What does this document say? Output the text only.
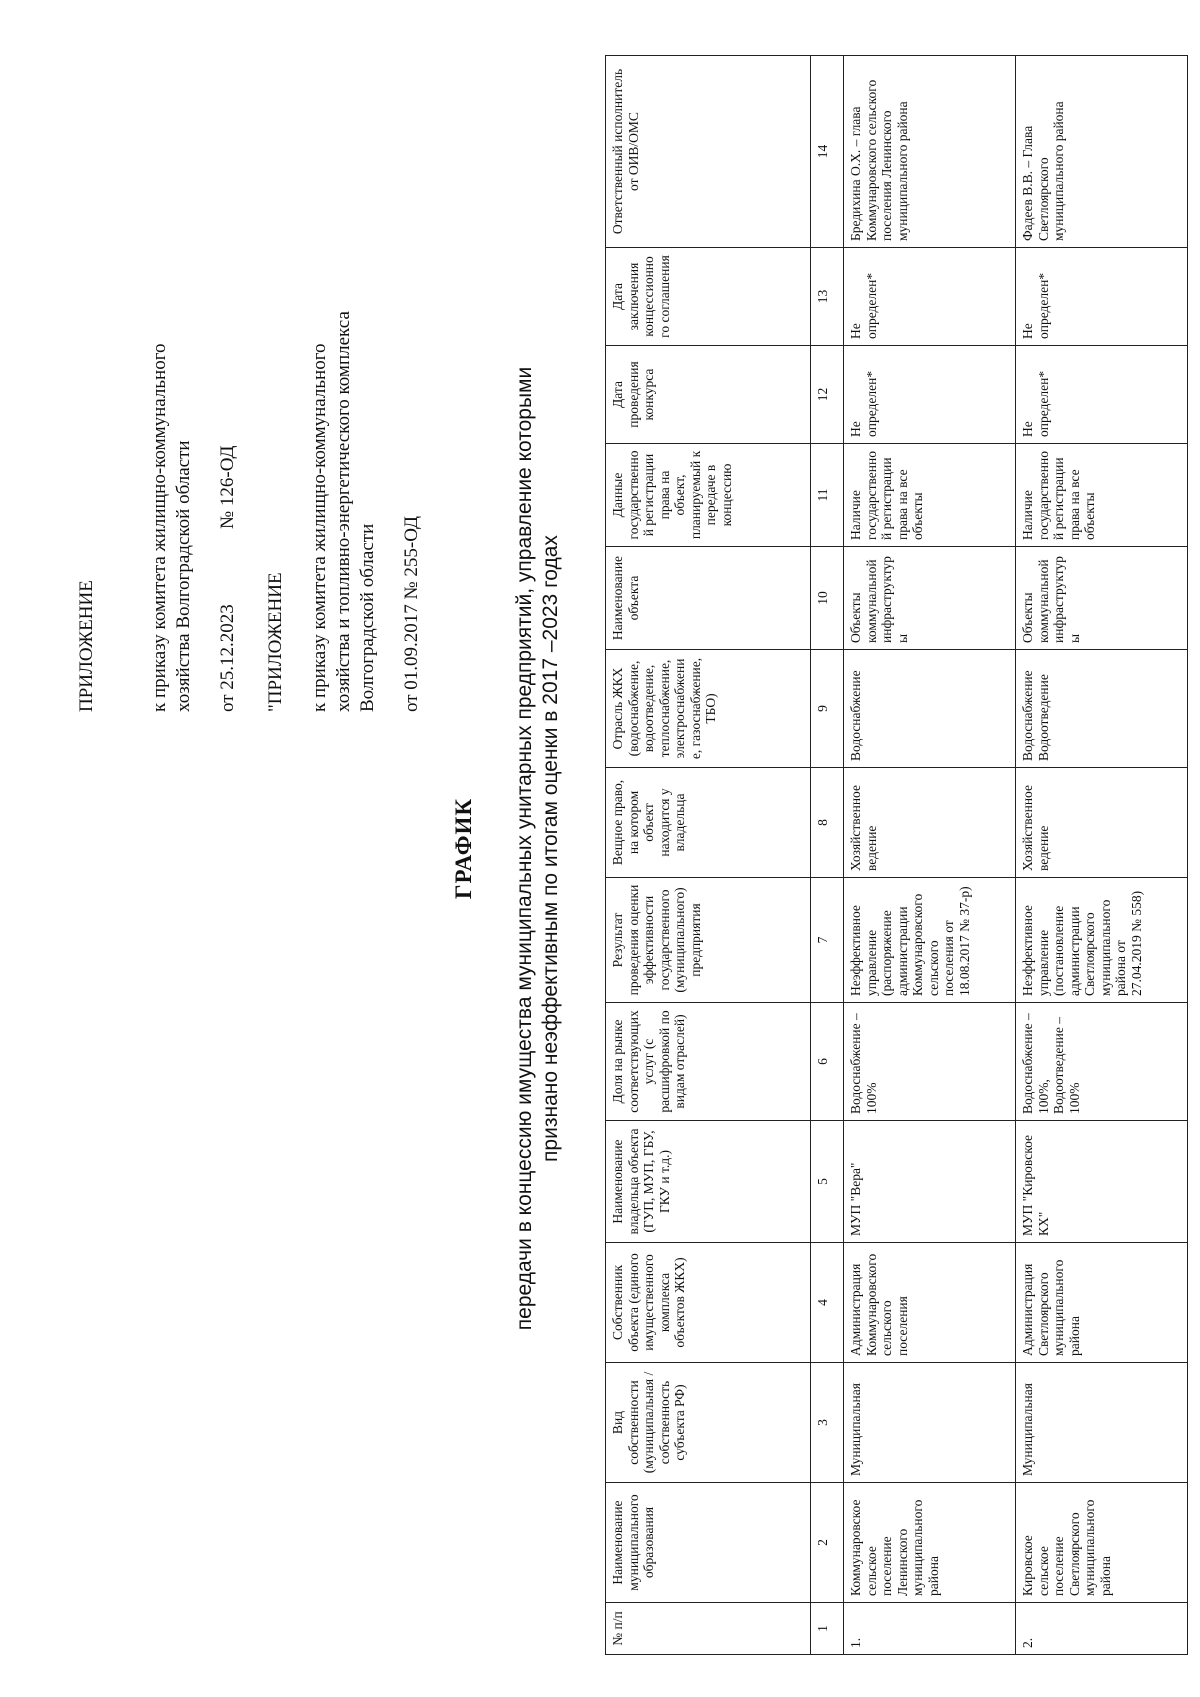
ПРИЛОЖЕНИЕ	к приказу комитета жилищно-коммунального хозяйства Волгоградской области от 25.12.2023
№ 126-ОД
"ПРИЛОЖЕНИЕ к приказу комитета жилищно-коммунального хозяйства и топливно-энергетического комплекса Волгоградской области от 01.09.2017 № 255-ОД
ГРАФИК передачи в концессию имущества муниципальных унитарных предприятий, управление которыми признано неэффективным по итогам оценки в 2017 –2023 годах
№ п/п	Наименование муниципального образования	Вид собственности (муниципальная /собственность субъекта РФ)	Собственник объекта (единого имущественного комплекса объектов ЖКХ)	Наименование владельца объекта (ГУП, МУП, ГБУ, ГКУ и т.д.)	Доля на рынке соответствующих услуг (с расшифровкой по видам отраслей)	Результат проведения оценки эффективности государственного (муниципального) предприятия	Вещное право, на котором объект находится у владельца	Отрасль ЖКХ (водоснабжение, водоотведение, теплоснабжение, электроснабжение, газоснабжение, ТБО)	Наименование объекта	Данные государственной регистрации права на объект, планируемый к передаче в концессию	Дата проведения конкурса	Дата заключения концессионного соглашения	Ответственный исполнитель от ОИВ/ОМС
1	2	3	4	5	6	7	8	9	10	11	12	13	14
1.	Коммунаровское сельское поселение Ленинского муниципального района	Муниципальная	Администрация Коммунаровского сельского поселения	МУП "Вера"	Водоснабжение – 100%	Неэффективное управление (распоряжение администрации Коммунаровского сельского поселения от 18.08.2017 № 37-р)	Хозяйственное ведение	Водоснабжение	Объекты коммунальной инфраструктуры	Наличие государственной регистрации права на все объекты	Не определен*	Не определен*	Бредихина О.Х. – глава Коммунаровского сельского поселения Ленинского муниципального района
2.	Кировское сельское поселение Светлоярского муниципального района	Муниципальная	Администрация Светлоярского муниципального района	МУП "Кировское КХ"	Водоснабжение – 100%, Водоотведение – 100%	Неэффективное управление (постановление администрации Светлоярского муниципального района от 27.04.2019 № 558)	Хозяйственное ведение	Водоснабжение Водоотведение	Объекты коммунальной инфраструктуры	Наличие государственной регистрации права на все объекты	Не определен*	Не определен*	Фадеев В.В. – Глава Светлоярского муниципального района
